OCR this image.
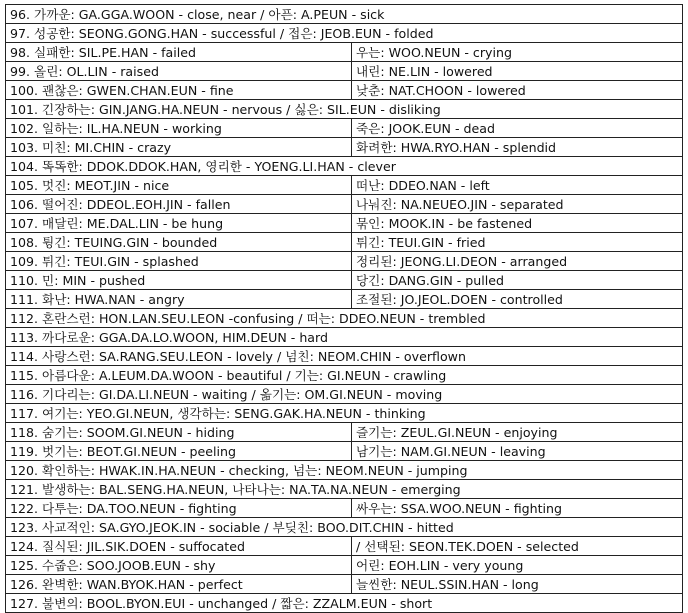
96. 가까운: GA.GGA.WOON - close, near / 아픈: A.PEUN - sick	
97. 성공한: SEONG.GONG.HAN - successful / 접은: JEOB.EUN - folded	
98. 실패한: SIL.PE.HAN - failed	우는: WOO.NEUN - crying
99. 올린: OL.LIN - raised	내린: NE.LIN - lowered
100. 괜찮은: GWEN.CHAN.EUN - fine	낮춘: NAT.CHOON - lowered
101. 긴장하는: GIN.JANG.HA.NEUN - nervous / 싫은: SIL.EUN - disliking	
102. 일하는: IL.HA.NEUN - working	죽은: JOOK.EUN - dead
103. 미친: MI.CHIN - crazy	화려한: HWA.RYO.HAN - splendid
104. 똑똑한: DDOK.DDOK.HAN, 영리한 - YOENG.LI.HAN - clever	
105. 멋진: MEOT.JIN - nice	떠난: DDEO.NAN - left
106. 떨어진: DDEOL.EOH.JIN - fallen	나눠진: NA.NEUEO.JIN - separated
107. 매달린: ME.DAL.LIN - be hung	묶인: MOOK.IN - be fastened
108. 튕긴: TEUING.GIN - bounded	튀긴: TEUI.GIN - fried
109. 튀긴: TEUI.GIN - splashed	정리된: JEONG.LI.DEON - arranged
110. 민: MIN - pushed	당긴: DANG.GIN - pulled
111. 화난: HWA.NAN - angry	조절된: JO.JEOL.DOEN - controlled
112. 혼란스런: HON.LAN.SEU.LEON -confusing / 떠는: DDEO.NEUN - trembled	
113. 까다로운: GGA.DA.LO.WOON, HIM.DEUN - hard	
114. 사랑스런: SA.RANG.SEU.LEON - lovely / 넘친: NEOM.CHIN - overflown	
115. 아름다운: A.LEUM.DA.WOON - beautiful / 기는: GI.NEUN - crawling	
116. 기다리는: GI.DA.LI.NEUN - waiting / 옮기는: OM.GI.NEUN - moving	
117. 여기는: YEO.GI.NEUN, 생각하는: SENG.GAK.HA.NEUN - thinking	
118. 숨기는: SOOM.GI.NEUN - hiding	즐기는: ZEUL.GI.NEUN - enjoying
119. 벗기는: BEOT.GI.NEUN - peeling	남기는: NAM.GI.NEUN - leaving
120. 확인하는: HWAK.IN.HA.NEUN - checking, 넘는: NEOM.NEUN - jumping	
121. 발생하는: BAL.SENG.HA.NEUN, 나타나는: NA.TA.NA.NEUN - emerging	
122. 다투는: DA.TOO.NEUN - fighting	싸우는: SSA.WOO.NEUN - fighting
123. 사교적인: SA.GYO.JEOK.IN - sociable / 부딪친: BOO.DIT.CHIN - hitted	
124. 질식된: JIL.SIK.DOEN - suffocated	/ 선택된: SEON.TEK.DOEN - selected
125. 수줍은: SOO.JOOB.EUN - shy	어린: EOH.LIN - very young
126. 완벽한: WAN.BYOK.HAN - perfect	늘씬한: NEUL.SSIN.HAN - long
127. 불변의: BOOL.BYON.EUI - unchanged / 짧은: ZZALM.EUN - short	
